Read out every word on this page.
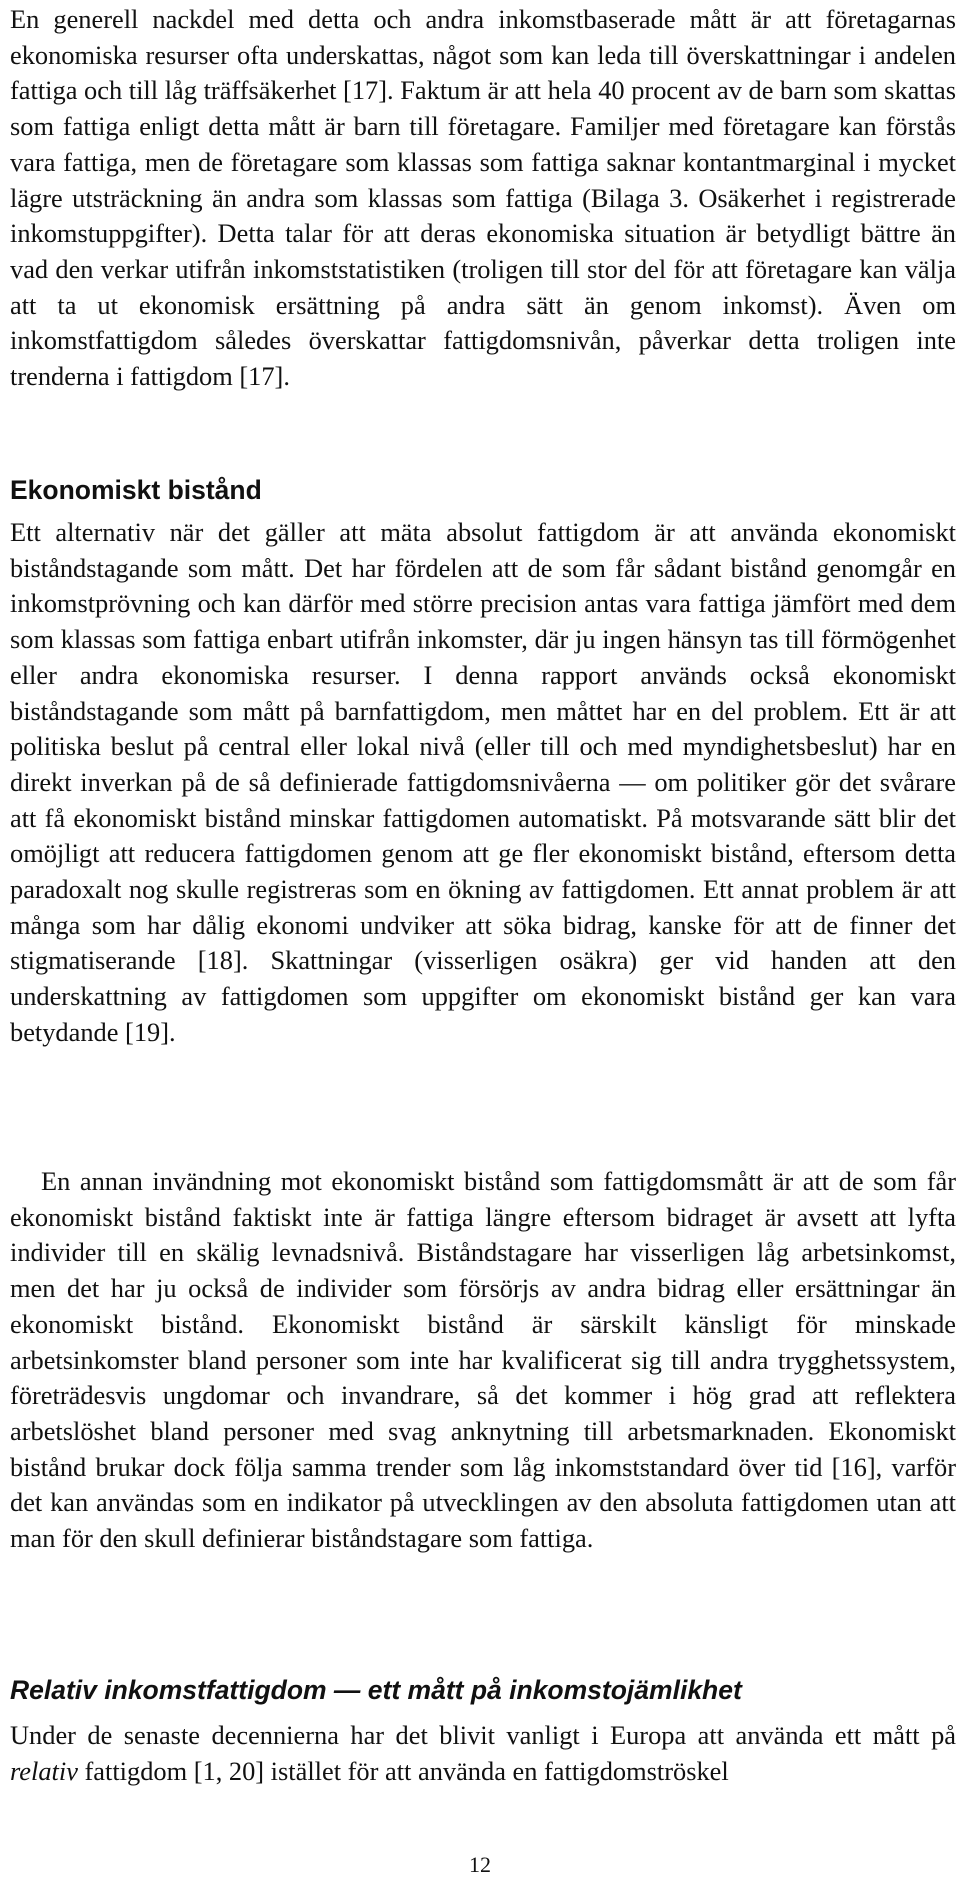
En generell nackdel med detta och andra inkomstbaserade mått är att företagarnas ekonomiska resurser ofta underskattas, något som kan leda till överskattningar i andelen fattiga och till låg träffsäkerhet [17]. Faktum är att hela 40 procent av de barn som skattas som fattiga enligt detta mått är barn till företagare. Familjer med företagare kan förstås vara fattiga, men de företagare som klassas som fattiga saknar kontantmarginal i mycket lägre utsträckning än andra som klassas som fattiga (Bilaga 3. Osäkerhet i registrerade inkomstuppgifter). Detta talar för att deras ekonomiska situation är betydligt bättre än vad den verkar utifrån inkomststatistiken (troligen till stor del för att företagare kan välja att ta ut ekonomisk ersättning på andra sätt än genom inkomst). Även om inkomstfattigdom således överskattar fattigdomsnivån, påverkar detta troligen inte trenderna i fattigdom [17].

Ekonomiskt bistånd

Ett alternativ när det gäller att mäta absolut fattigdom är att använda ekonomiskt biståndstagande som mått. Det har fördelen att de som får sådant bistånd genomgår en inkomstprövning och kan därför med större precision antas vara fattiga jämfört med dem som klassas som fattiga enbart utifrån inkomster, där ju ingen hänsyn tas till förmögenhet eller andra ekonomiska resurser. I denna rapport används också ekonomiskt biståndstagande som mått på barnfattigdom, men måttet har en del problem. Ett är att politiska beslut på central eller lokal nivå (eller till och med myndighetsbeslut) har en direkt inverkan på de så definierade fattigdomsnivåerna — om politiker gör det svårare att få ekonomiskt bistånd minskar fattigdomen automatiskt. På motsvarande sätt blir det omöjligt att reducera fattigdomen genom att ge fler ekonomiskt bistånd, eftersom detta paradoxalt nog skulle registreras som en ökning av fattigdomen. Ett annat problem är att många som har dålig ekonomi undviker att söka bidrag, kanske för att de finner det stigmatiserande [18]. Skattningar (visserligen osäkra) ger vid handen att den underskattning av fattigdomen som uppgifter om ekonomiskt bistånd ger kan vara betydande [19].

En annan invändning mot ekonomiskt bistånd som fattigdomsmått är att de som får ekonomiskt bistånd faktiskt inte är fattiga längre eftersom bidraget är avsett att lyfta individer till en skälig levnadsnivå. Biståndstagare har visserligen låg arbetsinkomst, men det har ju också de individer som försörjs av andra bidrag eller ersättningar än ekonomiskt bistånd. Ekonomiskt bistånd är särskilt känsligt för minskade arbetsinkomster bland personer som inte har kvalificerat sig till andra trygghetssystem, företrädesvis ungdomar och invandrare, så det kommer i hög grad att reflektera arbetslöshet bland personer med svag anknytning till arbetsmarknaden. Ekonomiskt bistånd brukar dock följa samma trender som låg inkomststandard över tid [16], varför det kan användas som en indikator på utvecklingen av den absoluta fattigdomen utan att man för den skull definierar biståndstagare som fattiga.

Relativ inkomstfattigdom — ett mått på inkomstojämlikhet

Under de senaste decennierna har det blivit vanligt i Europa att använda ett mått på relativ fattigdom [1, 20] istället för att använda en fattigdomströskel

12
